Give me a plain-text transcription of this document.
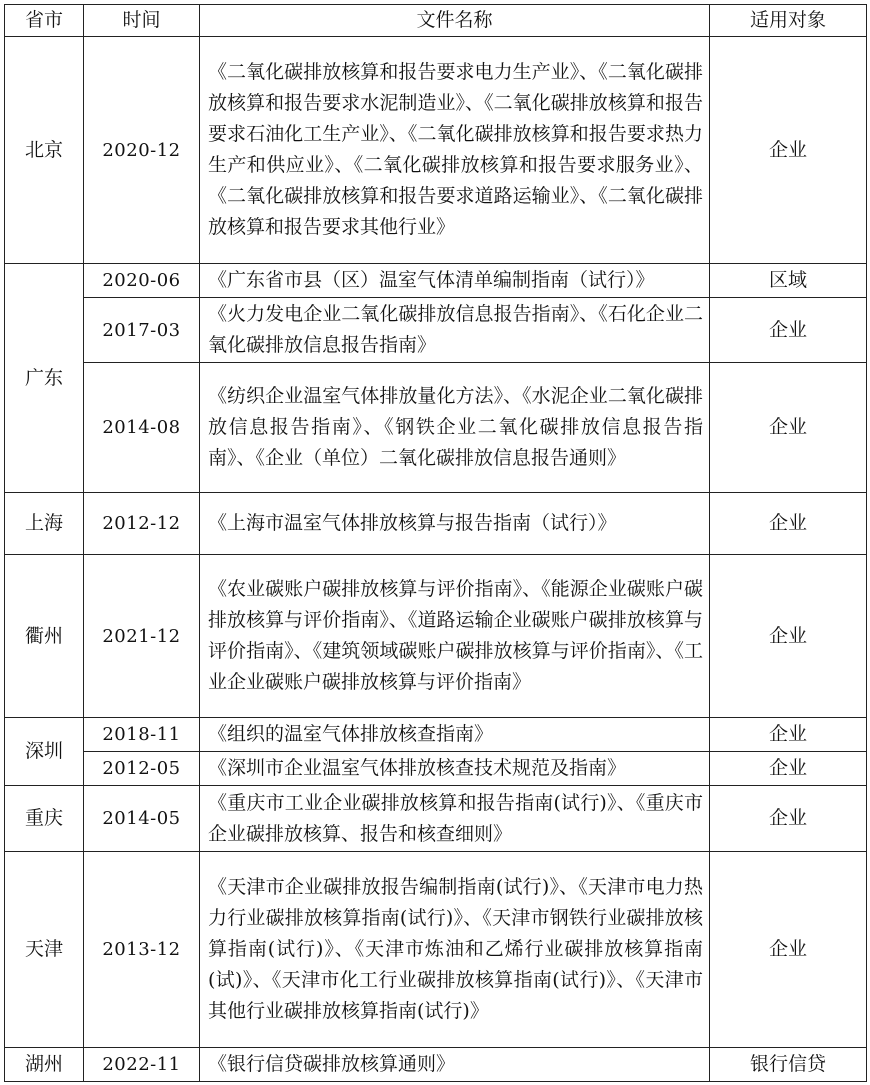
省市	时间	文件名称	适用对象
北京	2020-12	《二氧化碳排放核算和报告要求电力生产业》、《二氧化碳排放核算和报告要求水泥制造业》、《二氧化碳排放核算和报告要求石油化工生产业》、《二氧化碳排放核算和报告要求热力生产和供应业》、《二氧化碳排放核算和报告要求服务业》、《二氧化碳排放核算和报告要求道路运输业》、《二氧化碳排放核算和报告要求其他行业》	企业
广东	2020-06	《广东省市县（区）温室气体清单编制指南（试行）》	区域
	2017-03	《火力发电企业二氧化碳排放信息报告指南》、《石化企业二氧化碳排放信息报告指南》	企业
	2014-08	《纺织企业温室气体排放量化方法》、《水泥企业二氧化碳排放信息报告指南》、《钢铁企业二氧化碳排放信息报告指南》、《企业（单位）二氧化碳排放信息报告通则》	企业
上海	2012-12	《上海市温室气体排放核算与报告指南（试行）》	企业
衢州	2021-12	《农业碳账户碳排放核算与评价指南》、《能源企业碳账户碳排放核算与评价指南》、《道路运输企业碳账户碳排放核算与评价指南》、《建筑领域碳账户碳排放核算与评价指南》、《工业企业碳账户碳排放核算与评价指南》	企业
深圳	2018-11	《组织的温室气体排放核查指南》	企业
	2012-05	《深圳市企业温室气体排放核查技术规范及指南》	企业
重庆	2014-05	《重庆市工业企业碳排放核算和报告指南(试行)》、《重庆市企业碳排放核算、报告和核查细则》	企业
天津	2013-12	《天津市企业碳排放报告编制指南(试行)》、《天津市电力热力行业碳排放核算指南(试行)》、《天津市钢铁行业碳排放核算指南(试行)》、《天津市炼油和乙烯行业碳排放核算指南(试)》、《天津市化工行业碳排放核算指南(试行)》、《天津市其他行业碳排放核算指南(试行)》	企业
湖州	2022-11	《银行信贷碳排放核算通则》	银行信贷
